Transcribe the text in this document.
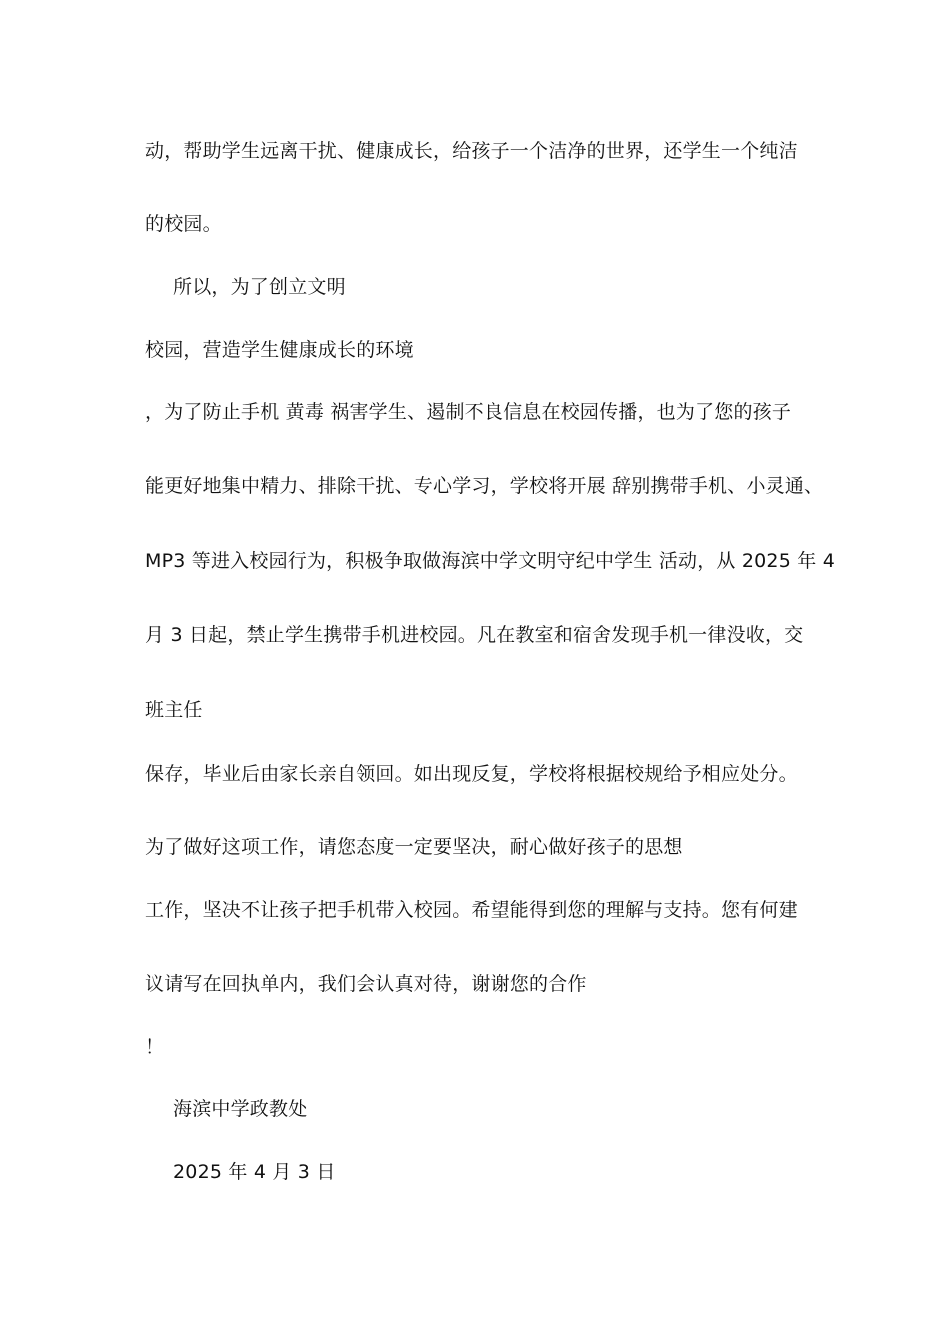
动，帮助学生远离干扰、健康成长，给孩子一个洁净的世界，还学生一个纯洁
的校园。
所以，为了创立文明
校园，营造学生健康成长的环境
，为了防止手机 黄毒 祸害学生、遏制不良信息在校园传播，也为了您的孩子
能更好地集中精力、排除干扰、专心学习，学校将开展 辞别携带手机、小灵通、
MP3 等进入校园行为，积极争取做海滨中学文明守纪中学生 活动，从 2025 年 4
月 3 日起，禁止学生携带手机进校园。凡在教室和宿舍发现手机一律没收，交
班主任
保存，毕业后由家长亲自领回。如出现反复，学校将根据校规给予相应处分。
为了做好这项工作，请您态度一定要坚决，耐心做好孩子的思想
工作，坚决不让孩子把手机带入校园。希望能得到您的理解与支持。您有何建
议请写在回执单内，我们会认真对待，谢谢您的合作
！
海滨中学政教处
2025 年 4 月 3 日
